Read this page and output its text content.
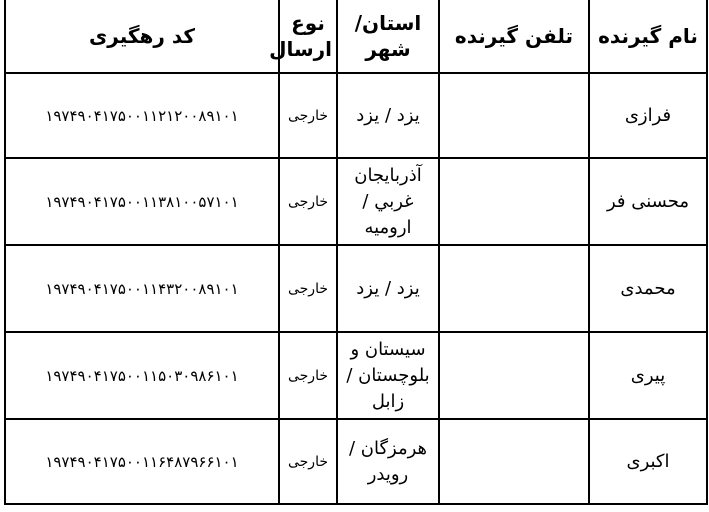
نام گیرنده	تلفن گیرنده	استان/ شهر	نوع ارسال	کد رهگیری
فرازی		یزد / یزد	خارجی	۱۹۷۴۹۰۴۱۷۵۰۰۱۱۲۱۲۰۰۸۹۱۰۱
محسنی فر		آذربایجان غربي / ارومیه	خارجی	۱۹۷۴۹۰۴۱۷۵۰۰۱۱۳۸۱۰۰۵۷۱۰۱
محمدی		یزد / یزد	خارجی	۱۹۷۴۹۰۴۱۷۵۰۰۱۱۴۳۲۰۰۸۹۱۰۱
پیری		سیستان و بلوچستان / زابل	خارجی	۱۹۷۴۹۰۴۱۷۵۰۰۱۱۵۰۳۰۹۸۶۱۰۱
اکبری		هرمزگان / رویدر	خارجی	۱۹۷۴۹۰۴۱۷۵۰۰۱۱۶۴۸۷۹۶۶۱۰۱
